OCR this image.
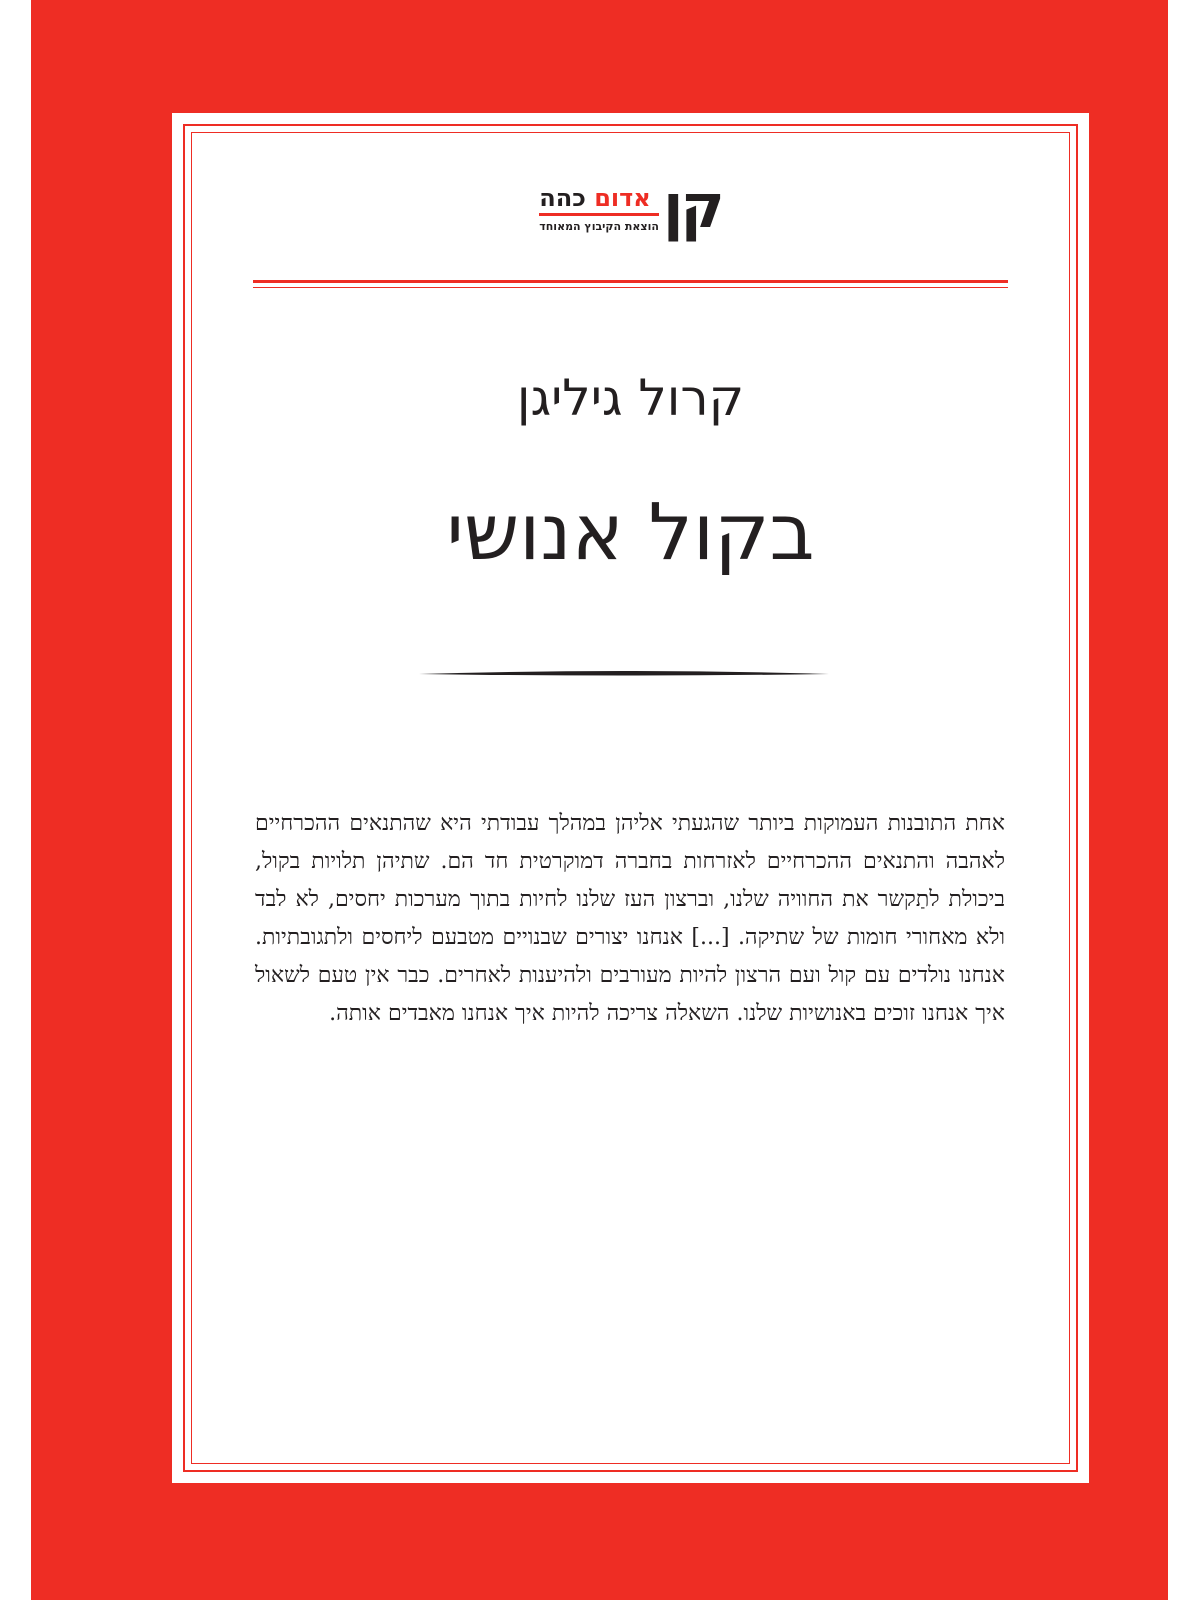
קן
אדום כהה
הוצאת הקיבוץ המאוחד
קרול גיליגן
בקול אנושי

אחת התובנות העמוקות ביותר שהגעתי אליהן במהלך עבודתי היא שהתנאים ההכרחיים לאהבה והתנאים ההכרחיים לאזרחות בחברה דמוקרטית חד הם. שתיהן תלויות בקול, ביכולת לתַקשר את החוויה שלנו, וברצון העז שלנו לחיות בתוך מערכות יחסים, לא לבד ולא מאחורי חומות של שתיקה. [...] אנחנו יצורים שבנויים מטבעם ליחסים ולתגובתיות. אנחנו נולדים עם קול ועם הרצון להיות מעורבים ולהיענות לאחרים. כבר אין טעם לשאול איך אנחנו זוכים באנושיות שלנו. השאלה צריכה להיות איך אנחנו מאבדים אותה.
